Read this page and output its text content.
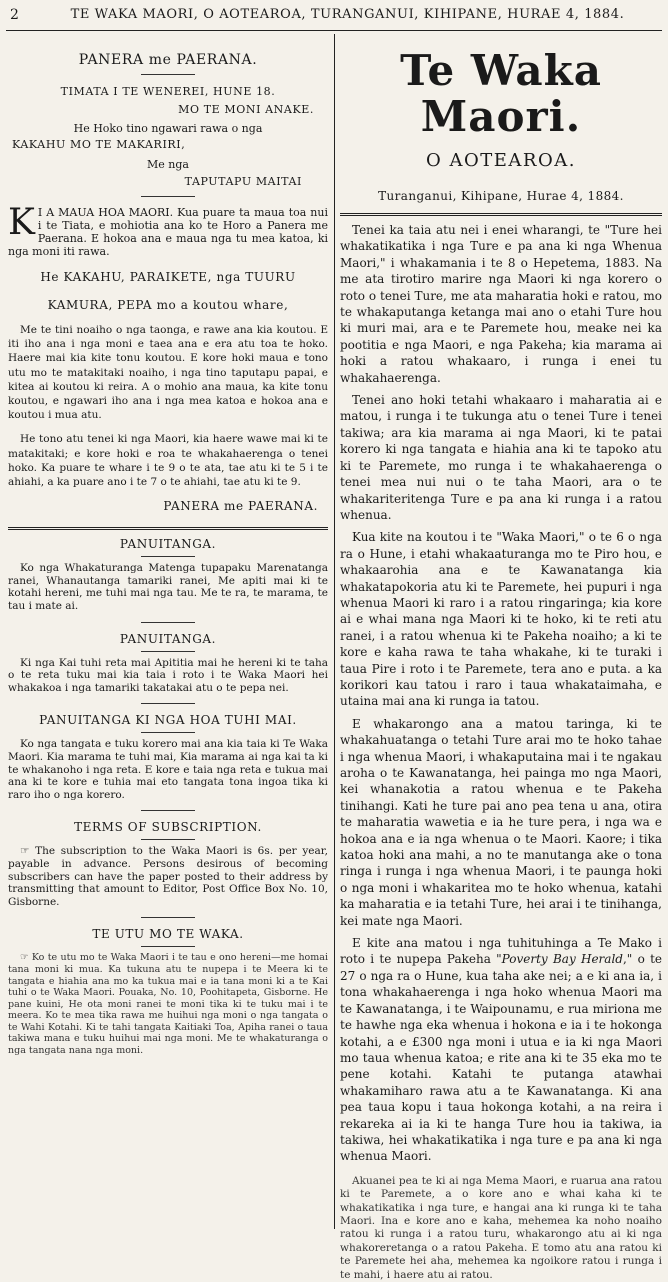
2	TE WAKA MAORI, O AOTEAROA, TURANGANUI, KIHIPANE, HURAE 4, 1884.
PANERA me PAERANA.
TIMATA I TE WENEREI, HUNE 18.
MO TE MONI ANAKE.
He Hoko tino ngawari rawa o nga
KAKAHU MO TE MAKARIRI,
Me nga
TAPUTAPU MAITAI
K I A MAUA HOA MAORI. Kua puare ta maua toa nui i te Tiata, e mohiotia ana ko te Horo a Panera me Paerana. E hokoa ana e maua nga tu mea katoa, ki nga moni iti rawa.
He KAKAHU, PARAIKETE, nga TUURU
KAMURA, PEPA mo a koutou whare,

Me te tini noaiho o nga taonga, e rawe ana kia koutou. E iti iho ana i nga moni e taea ana e era atu toa te hoko. Haere mai kia kite tonu koutou. E kore hoki maua e tono utu mo te matakitaki noaiho, i nga tino taputapu papai, e kitea ai koutou ki reira. A o mohio ana maua, ka kite tonu koutou, e ngawari iho ana i nga mea katoa e hokoa ana e koutou i mua atu.

He tono atu tenei ki nga Maori, kia haere wawe mai ki te matakitaki; e kore hoki e roa te whakahaerenga o tenei hoko. Ka puare te whare i te 9 o te ata, tae atu ki te 5 i te ahiahi, a ka puare ano i te 7 o te ahiahi, tae atu ki te 9.

PANERA me PAERANA.
PANUITANGA.

Ko nga Whakaturanga Matenga tupapaku Marenatanga ranei, Whanautanga tamariki ranei, Me apiti mai ki te kotahi hereni, me tuhi mai nga tau. Me te ra, te marama, te tau i mate ai.

PANUITANGA.

Ki nga Kai tuhi reta mai Apititia mai he hereni ki te taha o te reta tuku mai kia taia i roto i te Waka Maori hei whakakoa i nga tamariki takatakai atu o te pepa nei.

PANUITANGA KI NGA HOA TUHI MAI.

Ko nga tangata e tuku korero mai ana kia taia ki Te Waka Maori. Kia marama te tuhi mai, Kia marama ai nga kai ta ki te whakanoho i nga reta. E kore e taia nga reta e tukua mai ana ki te kore e tuhia mai eto tangata tona ingoa tika ki raro iho o nga korero.

TERMS OF SUBSCRIPTION.

☞ The subscription to the Waka Maori is 6s. per year, payable in advance. Persons desirous of becoming subscribers can have the paper posted to their address by transmitting that amount to Editor, Post Office Box No. 10, Gisborne.

TE UTU MO TE WAKA.

☞ Ko te utu mo te Waka Maori i te tau e ono hereni—me homai tana moni ki mua. Ka tukuna atu te nupepa i te Meera ki te tangata e hiahia ana mo ka tukua mai e ia tana moni ki a te Kai tuhi o te Waka Maori. Pouaka, No. 10, Poohitapeta, Gisborne. He pane kuini, He ota moni ranei te moni tika ki te tuku mai i te meera. Ko te mea tika rawa me huihui nga moni o nga tangata o te Wahi Kotahi. Ki te tahi tangata Kaitiaki Toa, Apiha ranei o taua takiwa mana e tuku huihui mai nga moni. Me te whakaturanga o nga tangata nana nga moni.

Te Waka Maori.
O AOTEAROA.
Turanganui, Kihipane, Hurae 4, 1884.

Tenei ka taia atu nei i enei wharangi, te "Ture hei whakatikatika i nga Ture e pa ana ki nga Whenua Maori," i whakamania i te 8 o Hepetema, 1883. Na me ata tirotiro marire nga Maori ki nga korero o roto o tenei Ture, me ata maharatia hoki e ratou, mo te whakaputanga ketanga mai ano o etahi Ture hou ki muri mai, ara e te Paremete hou, meake nei ka pootitia e nga Maori, e nga Pakeha; kia marama ai hoki a ratou whakaaro, i runga i enei tu whakahaerenga.

Tenei ano hoki tetahi whakaaro i maharatia ai e matou, i runga i te tukunga atu o tenei Ture i tenei takiwa; ara kia marama ai nga Maori, ki te patai korero ki nga tangata e hiahia ana ki te tapoko atu ki te Paremete, mo runga i te whakahaerenga o tenei mea nui nui o te taha Maori, ara o te whakariteritenga Ture e pa ana ki runga i a ratou whenua.

Kua kite na koutou i te "Waka Maori," o te 6 o nga ra o Hune, i etahi whakaaturanga mo te Piro hou, e whakaarohia ana e te Kawanatanga kia whakatapokoria atu ki te Paremete, hei pupuri i nga whenua Maori ki raro i a ratou ringaringa; kia kore ai e whai mana nga Maori ki te hoko, ki te reti atu ranei, i a ratou whenua ki te Pakeha noaiho; a ki te kore e kaha rawa te taha whakahe, ki te turaki i taua Pire i roto i te Paremete, tera ano e puta. a ka korikori kau tatou i raro i taua whakataimaha, e utaina mai ana ki runga ia tatou.

E whakarongo ana a matou taringa, ki te whakahuatanga o tetahi Ture arai mo te hoko tahae i nga whenua Maori, i whakaputaina mai i te ngakau aroha o te Kawanatanga, hei painga mo nga Maori, kei whanakotia a ratou whenua e te Pakeha tinihangi. Kati he ture pai ano pea tena u ana, otira te maharatia wawetia e ia he ture pera, i nga wa e hokoa ana e ia nga whenua o te Maori. Kaore; i tika katoa hoki ana mahi, a no te manutanga ake o tona ringa i runga i nga whenua Maori, i te paunga hoki o nga moni i whakaritea mo te hoko whenua, katahi ka maharatia e ia tetahi Ture, hei arai i te tinihanga, kei mate nga Maori.

E kite ana matou i nga tuhituhinga a Te Mako i roto i te nupepa Pakeha "Poverty Bay Herald," o te 27 o nga ra o Hune, kua taha ake nei; a e ki ana ia, i tona whakahaerenga i nga hoko whenua Maori ma te Kawanatanga, i te Waipounamu, e rua miriona me te hawhe nga eka whenua i hokona e ia i te hokonga kotahi, a e £300 nga moni i utua e ia ki nga Maori mo taua whenua katoa; e rite ana ki te 35 eka mo te pene kotahi. Katahi te putanga atawhai whakamiharo rawa atu a te Kawanatanga. Ki ana pea taua kopu i taua hokonga kotahi, a na reira i rekareka ai ia ki te hanga Ture hou ia takiwa, ia takiwa, hei whakatikatika i nga ture e pa ana ki nga whenua Maori.

Akuanei pea te ki ai nga Mema Maori, e ruarua ana ratou ki te Paremete, a o kore ano e whai kaha ki te whakatikatika i nga ture, e hangai ana ki runga ki te taha Maori. Ina e kore ano e kaha, mehemea ka noho noaiho ratou ki runga i a ratou turu, whakarongo atu ai ki nga whakoreretanga o a ratou Pakeha. E tomo atu ana ratou ki te Paremete hei aha, mehemea ka ngoikore ratou i runga i te mahi, i haere atu ai ratou.
